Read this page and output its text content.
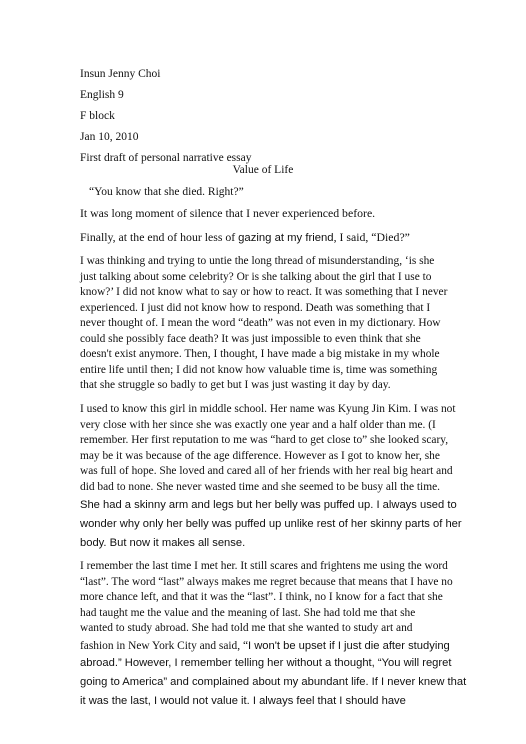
Insun Jenny Choi
English 9
F block
Jan 10, 2010
First draft of personal narrative essay
Value of Life
“You know that she died. Right?”
It was long moment of silence that I never experienced before.
Finally, at the end of hour less of gazing at my friend, I said, “Died?”
I was thinking and trying to untie the long thread of misunderstanding, ‘is she
just talking about some celebrity? Or is she talking about the girl that I use to
know?’ I did not know what to say or how to react. It was something that I never
experienced. I just did not know how to respond. Death was something that I
never thought of. I mean the word “death” was not even in my dictionary. How
could she possibly face death? It was just impossible to even think that she
doesn't exist anymore. Then, I thought, I have made a big mistake in my whole
entire life until then; I did not know how valuable time is, time was something
that she struggle so badly to get but I was just wasting it day by day.
I used to know this girl in middle school. Her name was Kyung Jin Kim. I was not
very close with her since she was exactly one year and a half older than me. (I
remember. Her first reputation to me was “hard to get close to” she looked scary,
may be it was because of the age difference. However as I got to know her, she
was full of hope. She loved and cared all of her friends with her real big heart and
did bad to none. She never wasted time and she seemed to be busy all the time.
She had a skinny arm and legs but her belly was puffed up. I always used to
wonder why only her belly was puffed up unlike rest of her skinny parts of her
body. But now it makes all sense.
I remember the last time I met her. It still scares and frightens me using the word
“last”. The word “last” always makes me regret because that means that I have no
more chance left, and that it was the “last”. I think, no I know for a fact that she
had taught me the value and the meaning of last. She had told me that she
wanted to study abroad. She had told me that she wanted to study art and
fashion in New York City and said, “I won't be upset if I just die after studying
abroad.” However, I remember telling her without a thought, “You will regret
going to America” and complained about my abundant life. If I never knew that
it was the last, I would not value it. I always feel that I should have
